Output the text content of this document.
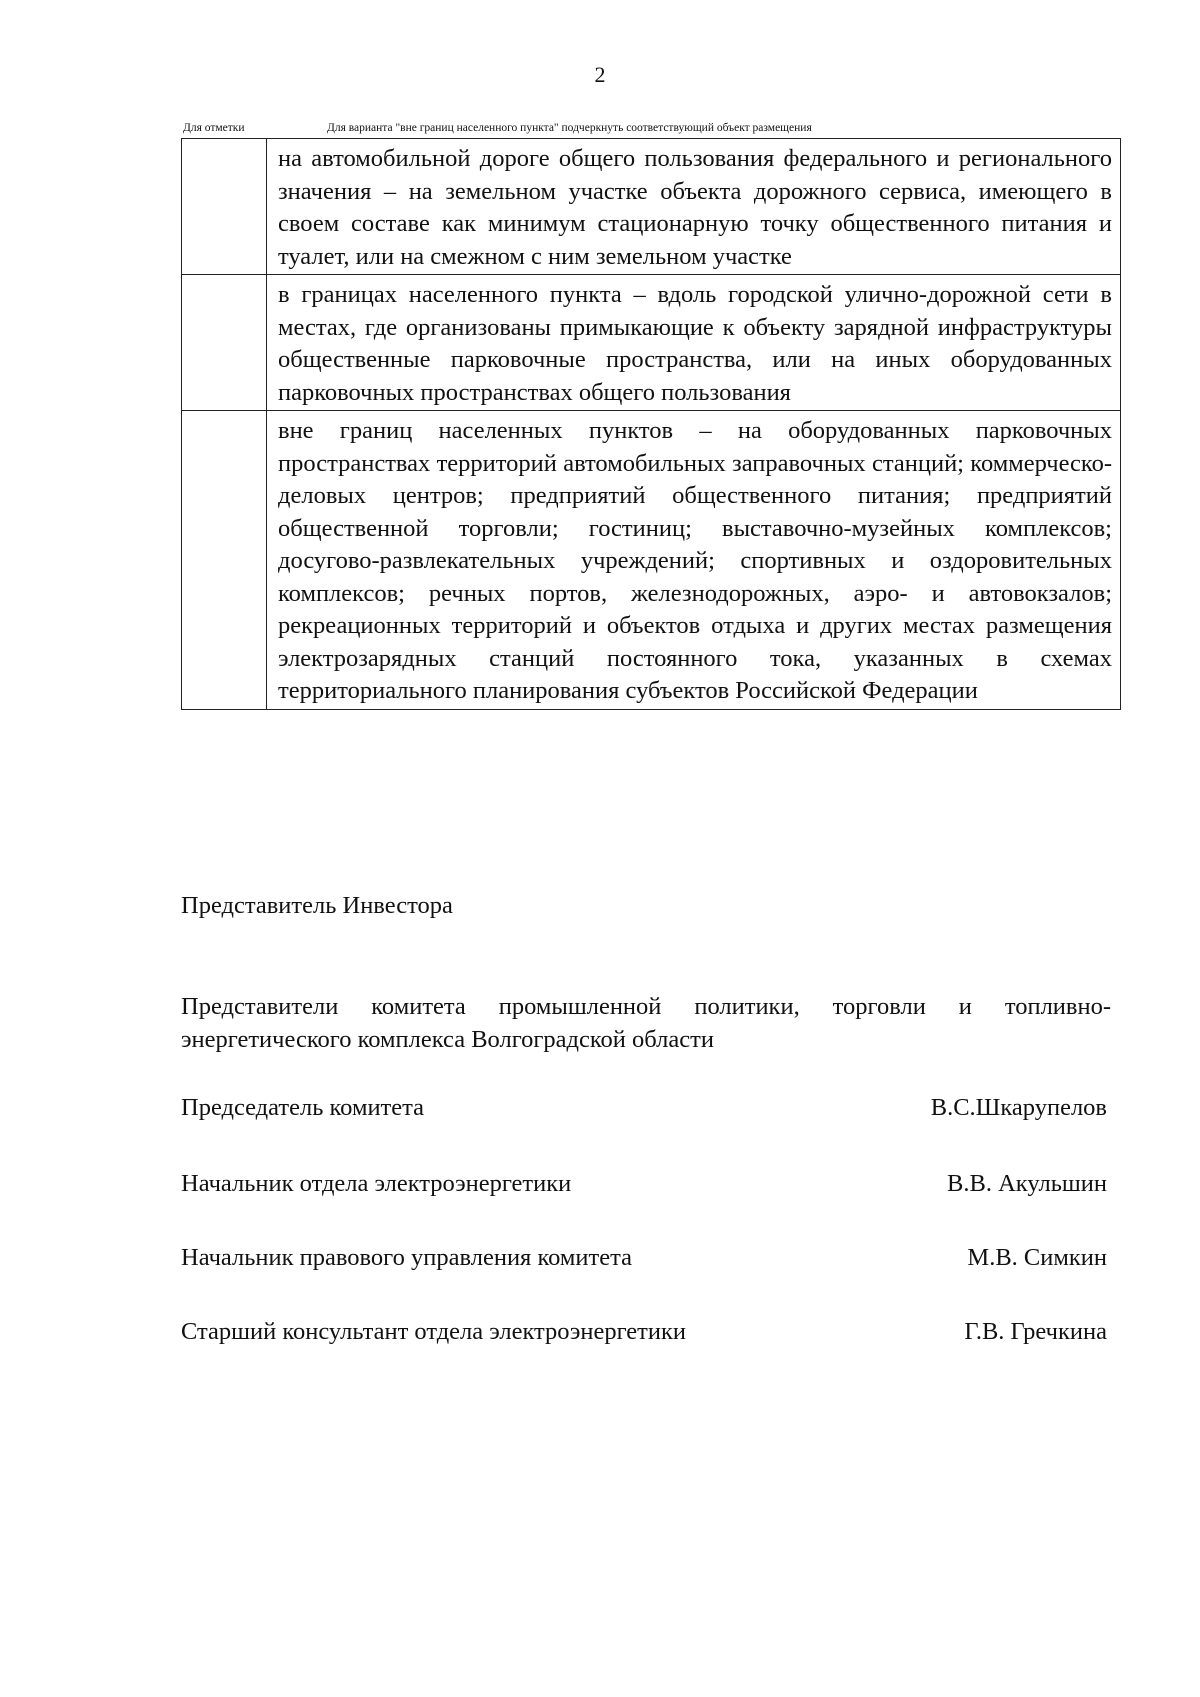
2
Для отметки	Для варианта "вне границ населенного пункта" подчеркнуть соответствующий объект размещения
	на автомобильной дороге общего пользования федерального и регионального значения – на земельном участке объекта дорожного сервиса, имеющего в своем составе как минимум стационарную точку общественного питания и туалет, или на смежном с ним земельном участке
	в границах населенного пункта – вдоль городской улично-дорожной сети в местах, где организованы примыкающие к объекту зарядной инфраструктуры общественные парковочные пространства, или на иных оборудованных парковочных пространствах общего пользования
	вне границ населенных пунктов – на оборудованных парковочных пространствах территорий автомобильных заправочных станций; коммерческо-деловых центров; предприятий общественного питания; предприятий общественной торговли; гостиниц; выставочно-музейных комплексов; досугово-развлекательных учреждений; спортивных и оздоровительных комплексов; речных портов, железнодорожных, аэро- и автовокзалов; рекреационных территорий и объектов отдыха и других местах размещения электрозарядных станций постоянного тока, указанных в схемах территориального планирования субъектов Российской Федерации
Представитель Инвестора
Представители комитета промышленной политики, торговли и топливно-энергетического комплекса Волгоградской области
Председатель комитета	В.С.Шкарупелов
Начальник отдела электроэнергетики	В.В. Акульшин
Начальник правового управления комитета	М.В. Симкин
Старший консультант отдела электроэнергетики	Г.В. Гречкина
